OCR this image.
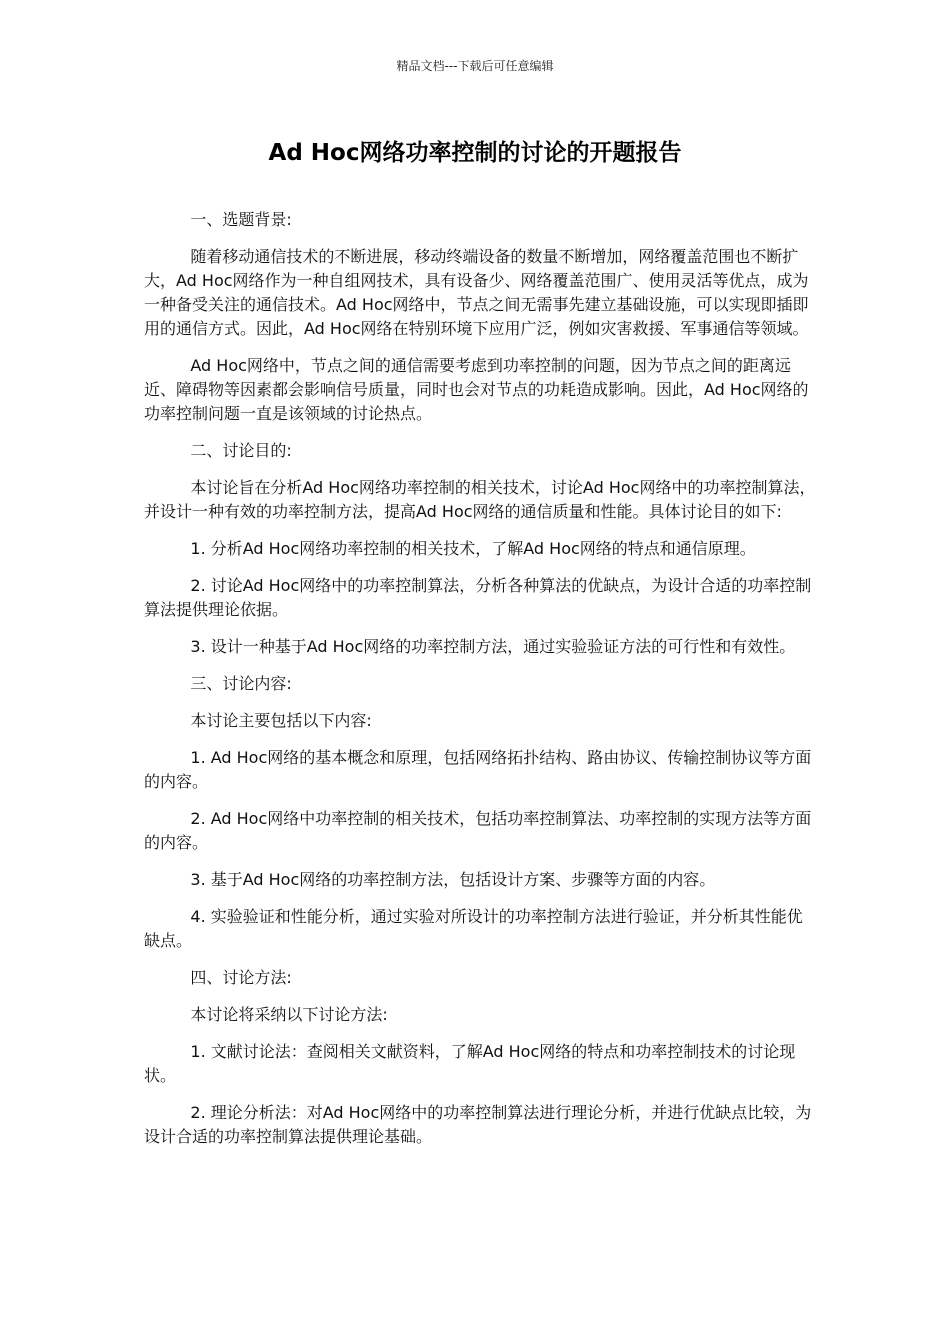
精品文档---下载后可任意编辑
Ad Hoc网络功率控制的讨论的开题报告

一、选题背景:

随着移动通信技术的不断进展，移动终端设备的数量不断增加，网络覆盖范围也不断扩大，Ad Hoc网络作为一种自组网技术，具有设备少、网络覆盖范围广、使用灵活等优点，成为一种备受关注的通信技术。Ad Hoc网络中，节点之间无需事先建立基础设施，可以实现即插即用的通信方式。因此，Ad Hoc网络在特别环境下应用广泛，例如灾害救援、军事通信等领域。

Ad Hoc网络中，节点之间的通信需要考虑到功率控制的问题，因为节点之间的距离远近、障碍物等因素都会影响信号质量，同时也会对节点的功耗造成影响。因此，Ad Hoc网络的功率控制问题一直是该领域的讨论热点。

二、讨论目的:

本讨论旨在分析Ad Hoc网络功率控制的相关技术，讨论Ad Hoc网络中的功率控制算法，并设计一种有效的功率控制方法，提高Ad Hoc网络的通信质量和性能。具体讨论目的如下:

1. 分析Ad Hoc网络功率控制的相关技术，了解Ad Hoc网络的特点和通信原理。

2. 讨论Ad Hoc网络中的功率控制算法，分析各种算法的优缺点，为设计合适的功率控制算法提供理论依据。

3. 设计一种基于Ad Hoc网络的功率控制方法，通过实验验证方法的可行性和有效性。

三、讨论内容:

本讨论主要包括以下内容:

1. Ad Hoc网络的基本概念和原理，包括网络拓扑结构、路由协议、传输控制协议等方面的内容。

2. Ad Hoc网络中功率控制的相关技术，包括功率控制算法、功率控制的实现方法等方面的内容。

3. 基于Ad Hoc网络的功率控制方法，包括设计方案、步骤等方面的内容。

4. 实验验证和性能分析，通过实验对所设计的功率控制方法进行验证，并分析其性能优缺点。

四、讨论方法:

本讨论将采纳以下讨论方法:

1. 文献讨论法：查阅相关文献资料，了解Ad Hoc网络的特点和功率控制技术的讨论现状。

2. 理论分析法：对Ad Hoc网络中的功率控制算法进行理论分析，并进行优缺点比较，为设计合适的功率控制算法提供理论基础。
